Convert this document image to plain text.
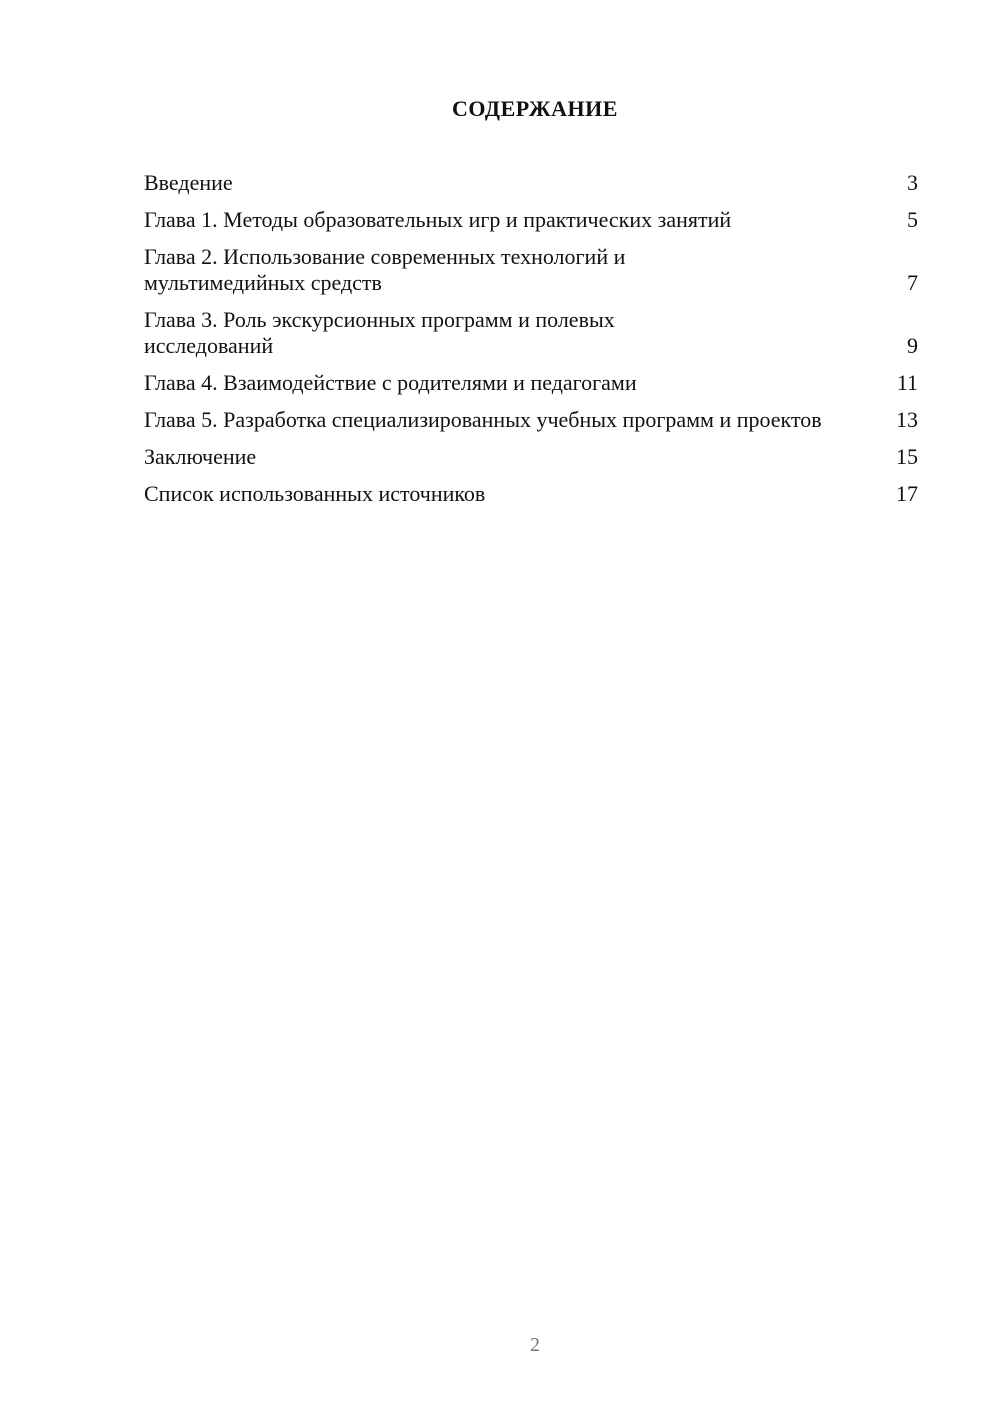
СОДЕРЖАНИЕ
Введение	3
Глава 1. Методы образовательных игр и практических занятий	5
Глава 2. Использование современных технологий и мультимедийных средств	7
Глава 3. Роль экскурсионных программ и полевых исследований	9
Глава 4. Взаимодействие с родителями и педагогами	11
Глава 5. Разработка специализированных учебных программ и проектов	13
Заключение	15
Список использованных источников	17
2
